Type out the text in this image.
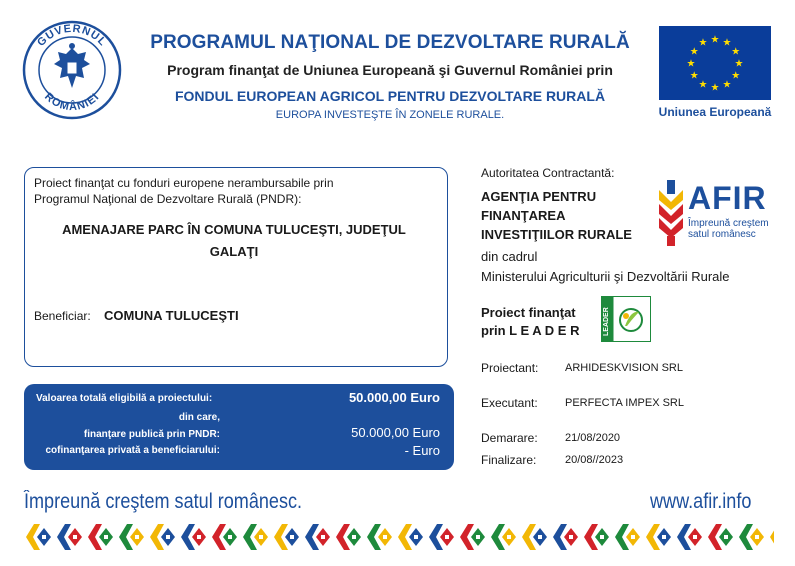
GUVERNUL
ROMÂNIEI
PROGRAMUL NAŢIONAL DE DEZVOLTARE RURALĂ
Program finanţat de Uniunea Europeană şi Guvernul României prin
FONDUL EUROPEAN AGRICOL PENTRU DEZVOLTARE RURALĂ
EUROPA INVESTEŞTE ÎN ZONELE RURALE.
★ ★
★
★
★
★
★
★
★
★
★
★
Uniunea Europeană
Proiect finanţat cu fonduri europene nerambursabile prin
Programul Naţional de Dezvoltare Rurală (PNDR):
AMENAJARE PARC ÎN COMUNA TULUCEŞTI, JUDEŢUL
GALAŢI
Beneficiar: COMUNA TULUCEŞTI
Valoarea totală eligibilă a proiectului:	50.000,00 Euro
din care,
finanţare publică prin PNDR:	50.000,00 Euro
cofinanţarea privată a beneficiarului:	- Euro
Autoritatea Contractantă:
AGENŢIA PENTRU
FINANŢAREA
INVESTIŢIILOR RURALE
din cadrul
Ministerului Agriculturii şi Dezvoltării Rurale
AFIR
Împreună creştem
satul românesc
Proiect finanţat
prin L E A D E R	LEADER
Proiectant: ARHIDESKVISION SRL
Executant: PERFECTA IMPEX SRL
Demarare: 21/08/2020
Finalizare:	20/08//2023
Împreună creştem satul românesc.	www.afir.info
